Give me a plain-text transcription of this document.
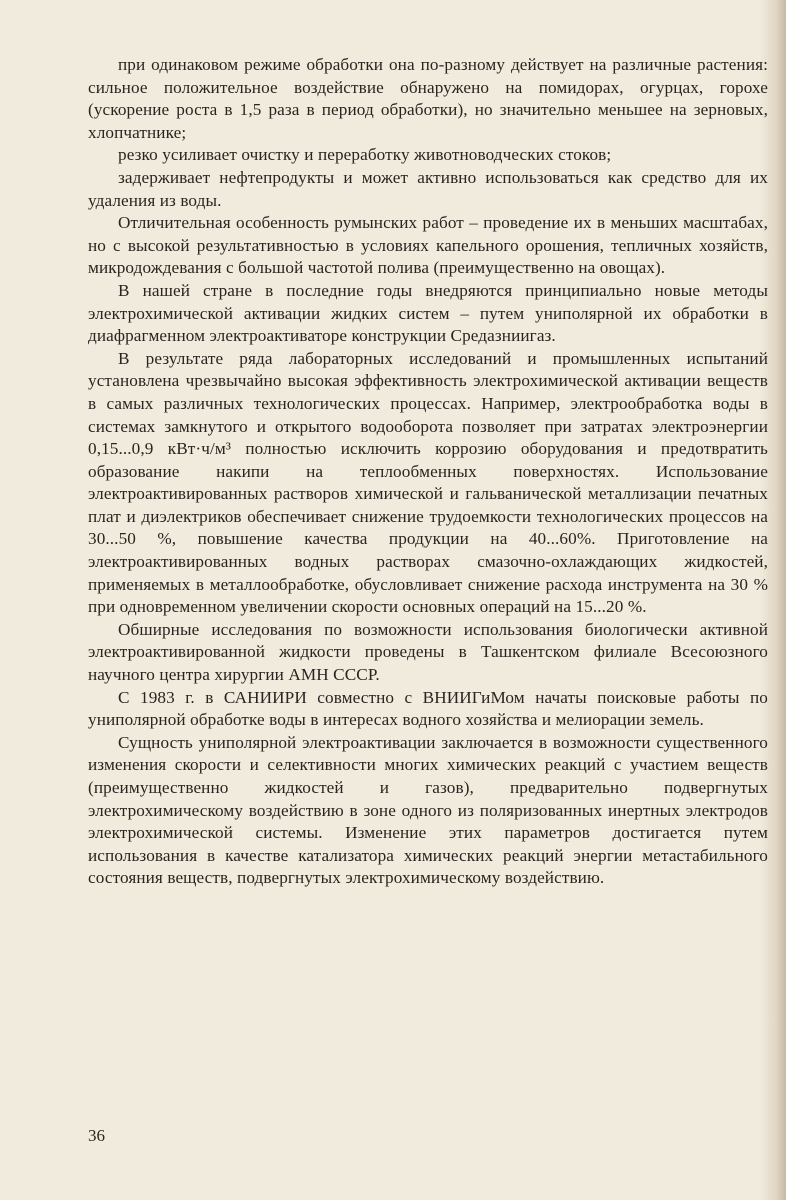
при одинаковом режиме обработки она по-разному действует на различные растения: сильное положительное воздействие обнаружено на помидорах, огурцах, горохе (ускорение роста в 1,5 раза в период обработки), но значительно меньшее на зерновых, хлопчатнике;

резко усиливает очистку и переработку животноводческих стоков;

задерживает нефтепродукты и может активно использоваться как средство для их удаления из воды.

Отличительная особенность румынских работ – проведение их в меньших масштабах, но с высокой результативностью в условиях капельного орошения, тепличных хозяйств, микродождевания с большой частотой полива (преимущественно на овощах).

В нашей стране в последние годы внедряются принципиально новые методы электрохимической активации жидких систем – путем униполярной их обработки в диафрагменном электроактиваторе конструкции Средазниигаз.

В результате ряда лабораторных исследований и промышленных испытаний установлена чрезвычайно высокая эффективность электрохимической активации веществ в самых различных технологических процессах. Например, электрообработка воды в системах замкнутого и открытого водооборота позволяет при затратах электроэнергии 0,15...0,9 кВт·ч/м³ полностью исключить коррозию оборудования и предотвратить образование накипи на теплообменных поверхностях. Использование электроактивированных растворов химической и гальванической металлизации печатных плат и диэлектриков обеспечивает снижение трудоемкости технологических процессов на 30...50 %, повышение качества продукции на 40...60%. Приготовление на электроактивированных водных растворах смазочно-охлаждающих жидкостей, применяемых в металлообработке, обусловливает снижение расхода инструмента на 30 % при одновременном увеличении скорости основных операций на 15...20 %.

Обширные исследования по возможности использования биологически активной электроактивированной жидкости проведены в Ташкентском филиале Всесоюзного научного центра хирургии АМН СССР.

С 1983 г. в САНИИРИ совместно с ВНИИГиМом начаты поисковые работы по униполярной обработке воды в интересах водного хозяйства и мелиорации земель.

Сущность униполярной электроактивации заключается в возможности существенного изменения скорости и селективности многих химических реакций с участием веществ (преимущественно жидкостей и газов), предварительно подвергнутых электрохимическому воздействию в зоне одного из поляризованных инертных электродов электрохимической системы. Изменение этих параметров достигается путем использования в качестве катализатора химических реакций энергии метастабильного состояния веществ, подвергнутых электрохимическому воздействию.

36
